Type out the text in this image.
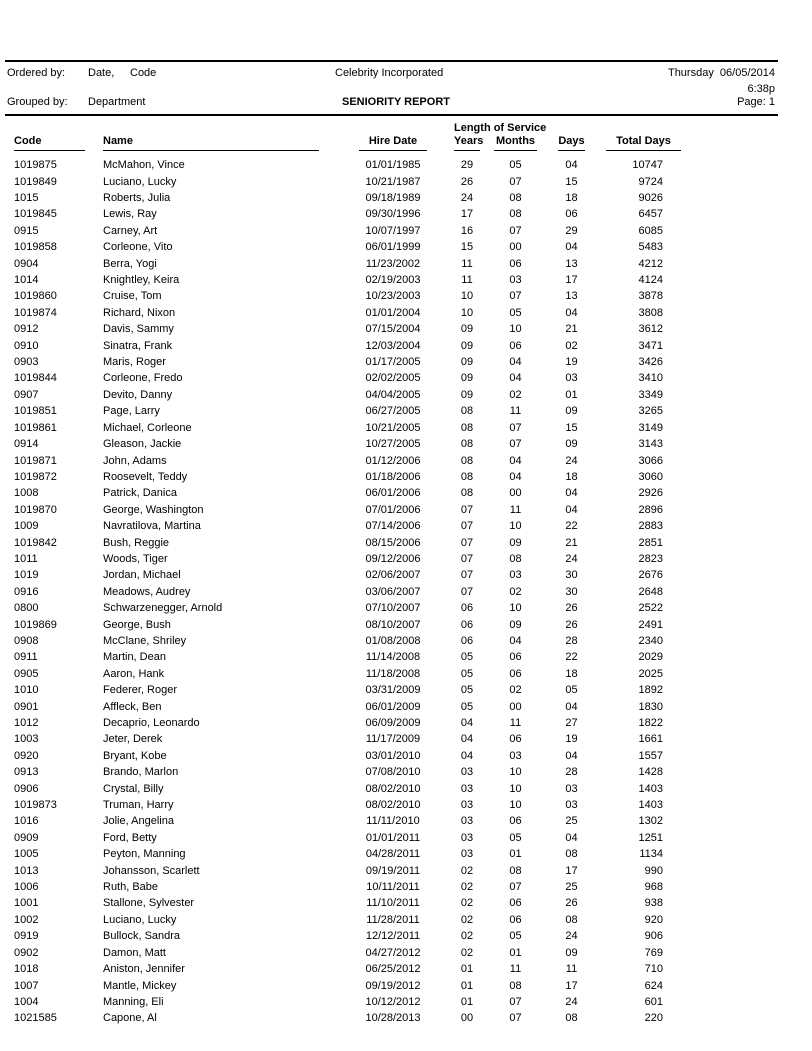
Ordered by: Date, Code	Celebrity Incorporated	Thursday  06/05/2014
6:38p
Grouped by: Department	SENIORITY REPORT	Page: 1
				Length of Service						

Code	Name	Hire Date		Years		Months		Days		Total Days
1019875	McMahon, Vince	01/01/1985		29		05		04		10747
1019849	Luciano, Lucky	10/21/1987		26		07		15		9724
1015	Roberts, Julia	09/18/1989		24		08		18		9026
1019845	Lewis, Ray	09/30/1996		17		08		06		6457
0915	Carney, Art	10/07/1997		16		07		29		6085
1019858	Corleone, Vito	06/01/1999		15		00		04		5483
0904	Berra, Yogi	11/23/2002		11		06		13		4212
1014	Knightley, Keira	02/19/2003		11		03		17		4124
1019860	Cruise, Tom	10/23/2003		10		07		13		3878
1019874	Richard, Nixon	01/01/2004		10		05		04		3808
0912	Davis, Sammy	07/15/2004		09		10		21		3612
0910	Sinatra, Frank	12/03/2004		09		06		02		3471
0903	Maris, Roger	01/17/2005		09		04		19		3426
1019844	Corleone, Fredo	02/02/2005		09		04		03		3410
0907	Devito, Danny	04/04/2005		09		02		01		3349
1019851	Page, Larry	06/27/2005		08		11		09		3265
1019861	Michael, Corleone	10/21/2005		08		07		15		3149
0914	Gleason, Jackie	10/27/2005		08		07		09		3143
1019871	John, Adams	01/12/2006		08		04		24		3066
1019872	Roosevelt, Teddy	01/18/2006		08		04		18		3060
1008	Patrick, Danica	06/01/2006		08		00		04		2926
1019870	George, Washington	07/01/2006		07		11		04		2896
1009	Navratilova, Martina	07/14/2006		07		10		22		2883
1019842	Bush, Reggie	08/15/2006		07		09		21		2851
1011	Woods, Tiger	09/12/2006		07		08		24		2823
1019	Jordan, Michael	02/06/2007		07		03		30		2676
0916	Meadows, Audrey	03/06/2007		07		02		30		2648
0800	Schwarzenegger, Arnold	07/10/2007		06		10		26		2522
1019869	George, Bush	08/10/2007		06		09		26		2491
0908	McClane, Shriley	01/08/2008		06		04		28		2340
0911	Martin, Dean	11/14/2008		05		06		22		2029
0905	Aaron, Hank	11/18/2008		05		06		18		2025
1010	Federer, Roger	03/31/2009		05		02		05		1892
0901	Affleck, Ben	06/01/2009		05		00		04		1830
1012	Decaprio, Leonardo	06/09/2009		04		11		27		1822
1003	Jeter, Derek	11/17/2009		04		06		19		1661
0920	Bryant, Kobe	03/01/2010		04		03		04		1557
0913	Brando, Marlon	07/08/2010		03		10		28		1428
0906	Crystal, Billy	08/02/2010		03		10		03		1403
1019873	Truman, Harry	08/02/2010		03		10		03		1403
1016	Jolie, Angelina	11/11/2010		03		06		25		1302
0909	Ford, Betty	01/01/2011		03		05		04		1251
1005	Peyton, Manning	04/28/2011		03		01		08		1134
1013	Johansson, Scarlett	09/19/2011		02		08		17		990
1006	Ruth, Babe	10/11/2011		02		07		25		968
1001	Stallone, Sylvester	11/10/2011		02		06		26		938
1002	Luciano, Lucky	11/28/2011		02		06		08		920
0919	Bullock, Sandra	12/12/2011		02		05		24		906
0902	Damon, Matt	04/27/2012		02		01		09		769
1018	Aniston, Jennifer	06/25/2012		01		11		11		710
1007	Mantle, Mickey	09/19/2012		01		08		17		624
1004	Manning, Eli	10/12/2012		01		07		24		601
1021585	Capone, Al	10/28/2013		00		07		08		220
